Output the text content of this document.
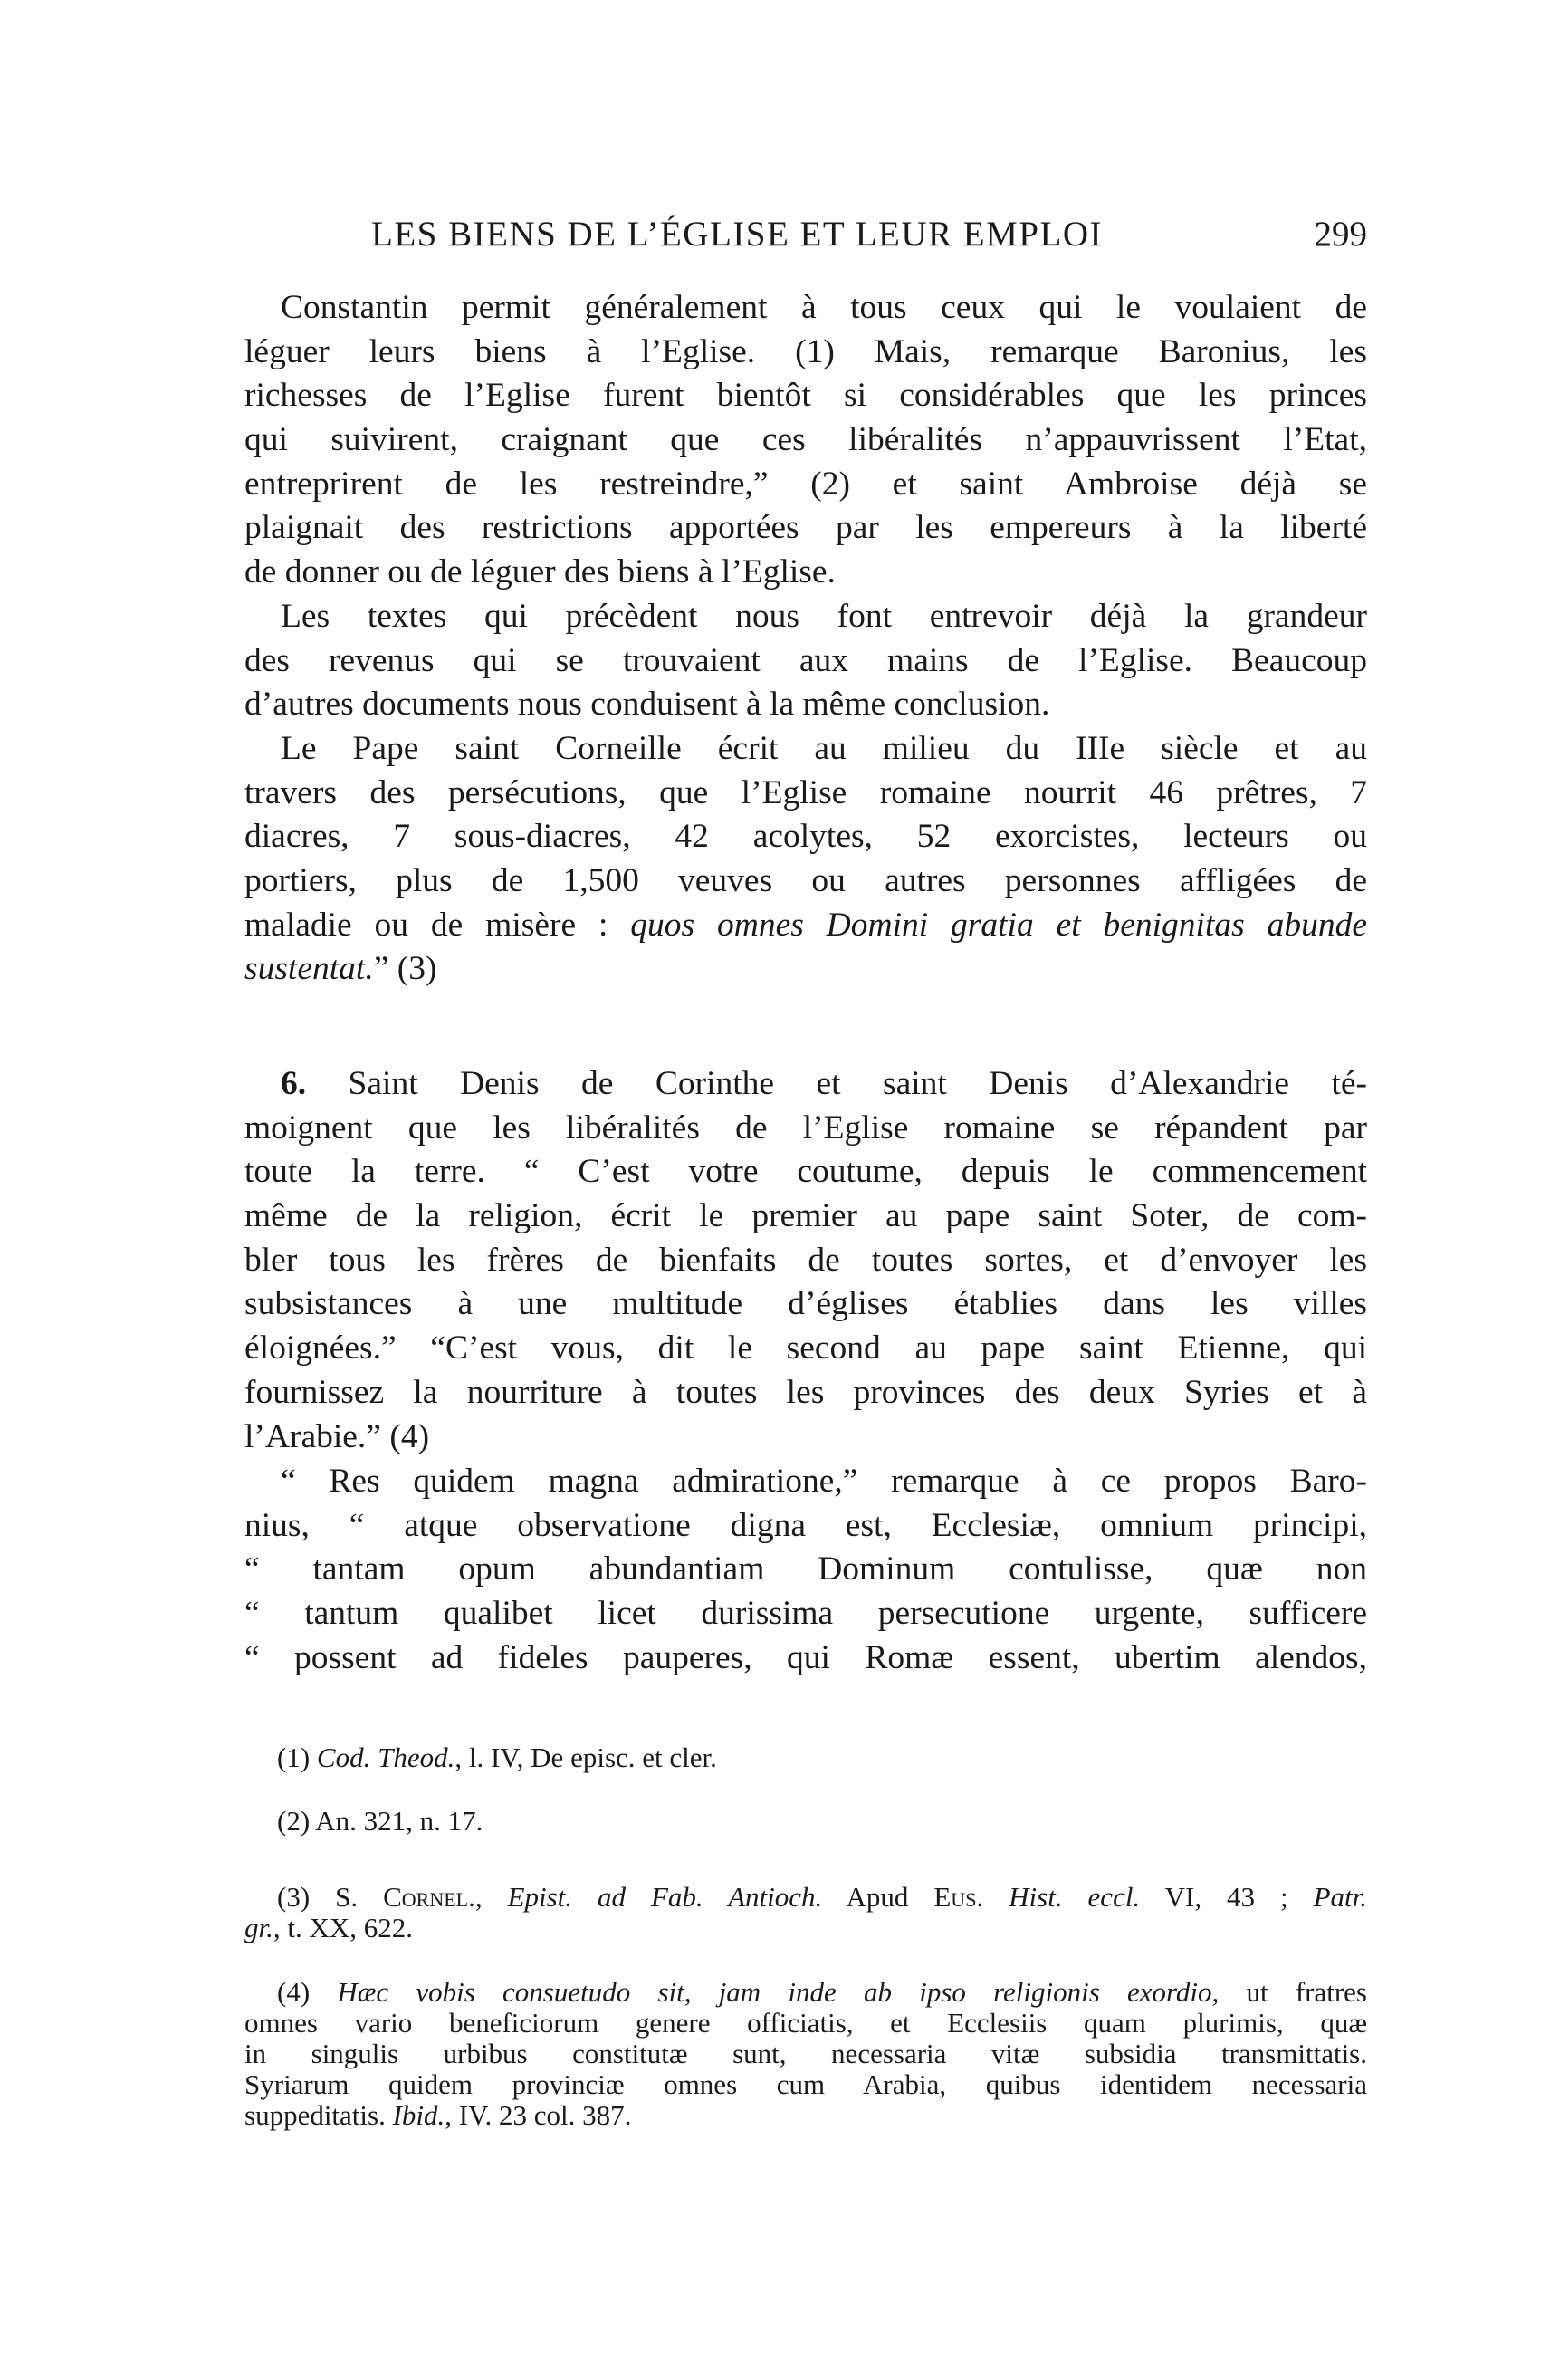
LES BIENS DE L’ÉGLISE ET LEUR EMPLOI	299
Constantin permit généralement à tous ceux qui le voulaient de
léguer leurs biens à l’Eglise. (1) Mais, remarque Baronius, les
richesses de l’Eglise furent bientôt si considérables que les princes
qui suivirent, craignant que ces libéralités n’appauvrissent l’Etat,
entreprirent de les restreindre,” (2) et saint Ambroise déjà se
plaignait des restrictions apportées par les empereurs à la liberté
de donner ou de léguer des biens à l’Eglise.
Les textes qui précèdent nous font entrevoir déjà la grandeur
des revenus qui se trouvaient aux mains de l’Eglise. Beaucoup
d’autres documents nous conduisent à la même conclusion.
Le Pape saint Corneille écrit au milieu du IIIe siècle et au
travers des persécutions, que l’Eglise romaine nourrit 46 prêtres, 7
diacres, 7 sous-diacres, 42 acolytes, 52 exorcistes, lecteurs ou
portiers, plus de 1,500 veuves ou autres personnes affligées de
maladie ou de misère : quos omnes Domini gratia et benignitas abunde
sustentat.” (3)
6. Saint Denis de Corinthe et saint Denis d’Alexandrie té-
moignent que les libéralités de l’Eglise romaine se répandent par
toute la terre. “ C’est votre coutume, depuis le commencement
même de la religion, écrit le premier au pape saint Soter, de com-
bler tous les frères de bienfaits de toutes sortes, et d’envoyer les
subsistances à une multitude d’églises établies dans les villes
éloignées.” “C’est vous, dit le second au pape saint Etienne, qui
fournissez la nourriture à toutes les provinces des deux Syries et à
l’Arabie.” (4)
“ Res quidem magna admiratione,” remarque à ce propos Baro-
nius, “ atque observatione digna est, Ecclesiæ, omnium principi,
“ tantam opum abundantiam Dominum contulisse, quæ non
“ tantum qualibet licet durissima persecutione urgente, sufficere
“ possent ad fideles pauperes, qui Romæ essent, ubertim alendos,
(1) Cod. Theod., l. IV, De episc. et cler.
(2) An. 321, n. 17.
(3) S. Cornel., Epist. ad Fab. Antioch. Apud Eus. Hist. eccl. VI, 43 ; Patr.
gr., t. XX, 622.
(4) Hæc vobis consuetudo sit, jam inde ab ipso religionis exordio, ut fratres
omnes vario beneficiorum genere officiatis, et Ecclesiis quam plurimis, quæ
in singulis urbibus constitutæ sunt, necessaria vitæ subsidia transmittatis.
Syriarum quidem provinciæ omnes cum Arabia, quibus identidem necessaria
suppeditatis. Ibid., IV. 23 col. 387.
